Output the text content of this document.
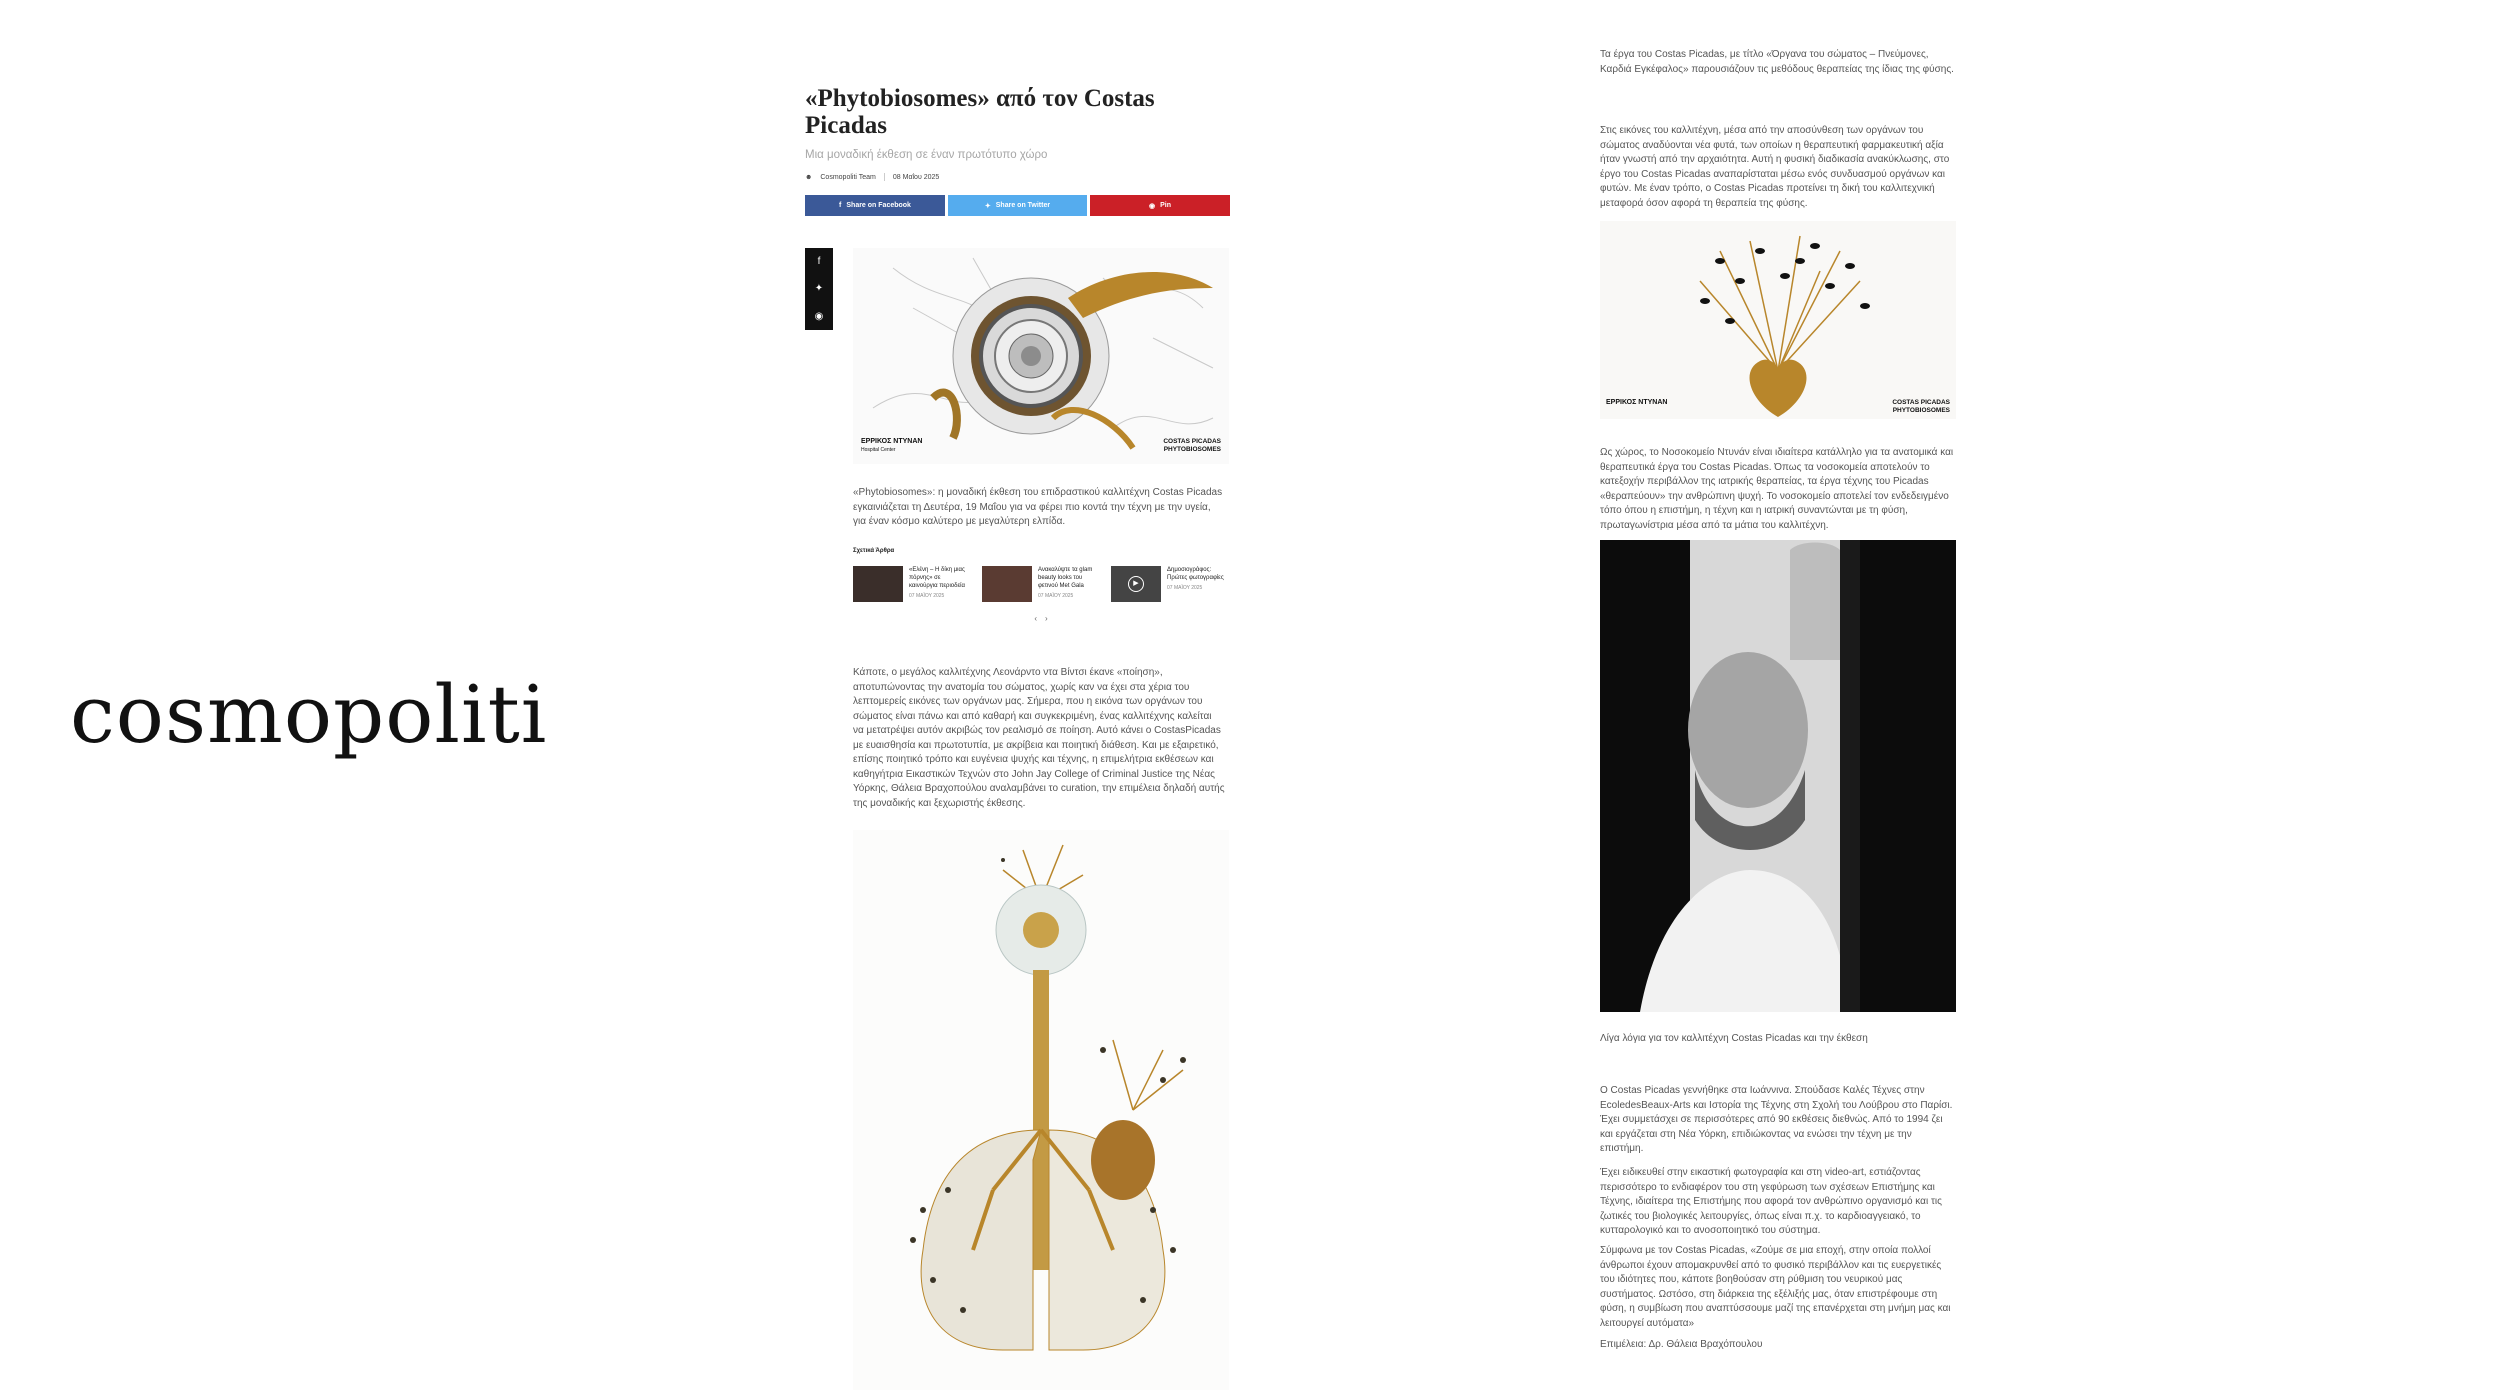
cosmopoliti
«Phytobiosomes» από τον Costas Picadas
Μια μοναδική έκθεση σε έναν πρωτότυπο χώρο
☻ Cosmopoliti Team 08 Μαΐου 2025
f Share on Facebook	✦ Share on Twitter	◉ Pin
f
✦
◉
ΕΡΡΙΚΟΣ ΝΤΥΝΑΝ
Hospital Center
COSTAS PICADAS PHYTOBIOSOMES
«Phytobiosomes»: η μοναδική έκθεση του επιδραστικού καλλιτέχνη Costas Picadas εγκαινιάζεται τη Δευτέρα, 19 Μαΐου για να φέρει πιο κοντά την τέχνη με την υγεία, για έναν κόσμο καλύτερο με μεγαλύτερη ελπίδα.
Σχετικά Άρθρα
«Ελένη – Η δίκη μιας πόρνης» σε καινούργια περιοδεία
07 ΜΑΪΟΥ 2025
Ανακαλύψτε τα glam beauty looks του φετινού Met Gala
07 ΜΑΪΟΥ 2025
▶
Δημοσιογράφος: Πρώτες φωτογραφίες
07 ΜΑΪΟΥ 2025
‹ ›
Κάποτε, ο μεγάλος καλλιτέχνης Λεονάρντο ντα Βίντσι έκανε «ποίηση», αποτυπώνοντας την ανατομία του σώματος, χωρίς καν να έχει στα χέρια του λεπτομερείς εικόνες των οργάνων μας. Σήμερα, που η εικόνα των οργάνων του σώματος είναι πάνω και από καθαρή και συγκεκριμένη, ένας καλλιτέχνης καλείται να μετατρέψει αυτόν ακριβώς τον ρεαλισμό σε ποίηση. Αυτό κάνει ο CostasPicadas με ευαισθησία και πρωτοτυπία, με ακρίβεια και ποιητική διάθεση. Και με εξαιρετικό, επίσης ποιητικό τρόπο και ευγένεια ψυχής και τέχνης, η επιμελήτρια εκθέσεων και καθηγήτρια Εικαστικών Τεχνών στο John Jay College of Criminal Justice της Νέας Υόρκης, Θάλεια Βραχοπούλου αναλαμβάνει το curation, την επιμέλεια δηλαδή αυτής της μοναδικής και ξεχωριστής έκθεσης.
Τα έργα του Costas Picadas, με τίτλο «Όργανα του σώματος – Πνεύμονες, Καρδιά Εγκέφαλος» παρουσιάζουν τις μεθόδους θεραπείας της ίδιας της φύσης.
Στις εικόνες του καλλιτέχνη, μέσα από την αποσύνθεση των οργάνων του σώματος αναδύονται νέα φυτά, των οποίων η θεραπευτική φαρμακευτική αξία ήταν γνωστή από την αρχαιότητα. Αυτή η φυσική διαδικασία ανακύκλωσης, στο έργο του Costas Picadas αναπαρίσταται μέσω ενός συνδυασμού οργάνων και φυτών. Με έναν τρόπο, ο Costas Picadas προτείνει τη δική του καλλιτεχνική μεταφορά όσον αφορά τη θεραπεία της φύσης.
ΕΡΡΙΚΟΣ ΝΤΥΝΑΝ	COSTAS PICADAS PHYTOBIOSOMES
Ως χώρος, το Νοσοκομείο Ντυνάν είναι ιδιαίτερα κατάλληλο για τα ανατομικά και θεραπευτικά έργα του Costas Picadas. Όπως τα νοσοκομεία αποτελούν το κατεξοχήν περιβάλλον της ιατρικής θεραπείας, τα έργα τέχνης του Picadas «θεραπεύουν» την ανθρώπινη ψυχή. Το νοσοκομείο αποτελεί τον ενδεδειγμένο τόπο όπου η επιστήμη, η τέχνη και η ιατρική συναντώνται με τη φύση, πρωταγωνίστρια μέσα από τα μάτια του καλλιτέχνη.
Λίγα λόγια για τον καλλιτέχνη Costas Picadas και την έκθεση
Ο Costas Picadas γεννήθηκε στα Ιωάννινα. Σπούδασε Καλές Τέχνες στην EcoledesBeaux-Arts και Ιστορία της Τέχνης στη Σχολή του Λούβρου στο Παρίσι. Έχει συμμετάσχει σε περισσότερες από 90 εκθέσεις διεθνώς. Από το 1994 ζει και εργάζεται στη Νέα Υόρκη, επιδιώκοντας να ενώσει την τέχνη με την επιστήμη.
Έχει ειδικευθεί στην εικαστική φωτογραφία και στη video-art, εστιάζοντας περισσότερο το ενδιαφέρον του στη γεφύρωση των σχέσεων Επιστήμης και Τέχνης, ιδιαίτερα της Επιστήμης που αφορά τον ανθρώπινο οργανισμό και τις ζωτικές του βιολογικές λειτουργίες, όπως είναι π.χ. το καρδιοαγγειακό, το κυτταρολογικό και το ανοσοποιητικό του σύστημα.
Σύμφωνα με τον Costas Picadas, «Ζούμε σε μια εποχή, στην οποία πολλοί άνθρωποι έχουν απομακρυνθεί από το φυσικό περιβάλλον και τις ευεργετικές του ιδιότητες που, κάποτε βοηθούσαν στη ρύθμιση του νευρικού μας συστήματος. Ωστόσο, στη διάρκεια της εξέλιξής μας, όταν επιστρέφουμε στη φύση, η συμβίωση που αναπτύσσουμε μαζί της επανέρχεται στη μνήμη μας και λειτουργεί αυτόματα»
Επιμέλεια: Δρ. Θάλεια Βραχόπουλου
